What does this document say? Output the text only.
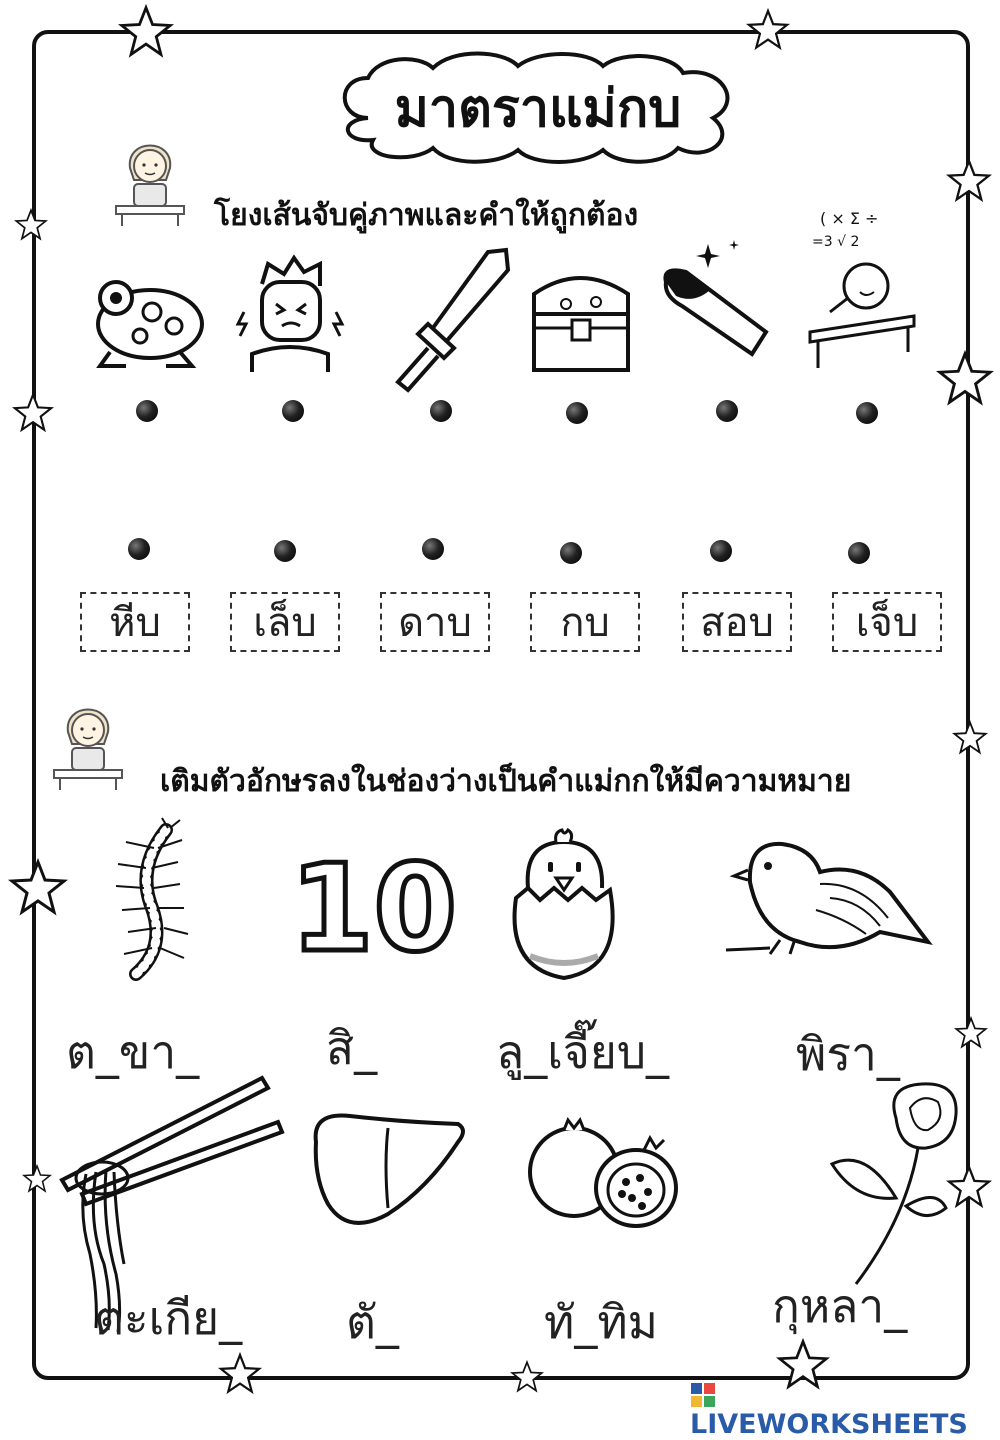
มาตราแม่กบ
โยงเส้นจับคู่ภาพและคำให้ถูกต้อง	( × Σ ÷
=3 √ 2
หีบ	เล็บ	ดาบ	กบ	สอบ	เจ็บ
เติมตัวอักษรลงในช่องว่างเป็นคำแม่กกให้มีความหมาย
10
ต_ขา_	สิ_	ลู_เจี๊ยบ_	พิรา_
ตะเกีย_ ตั_	ทั_ทิม กุหลา_
LIVEWORKSHEETS
